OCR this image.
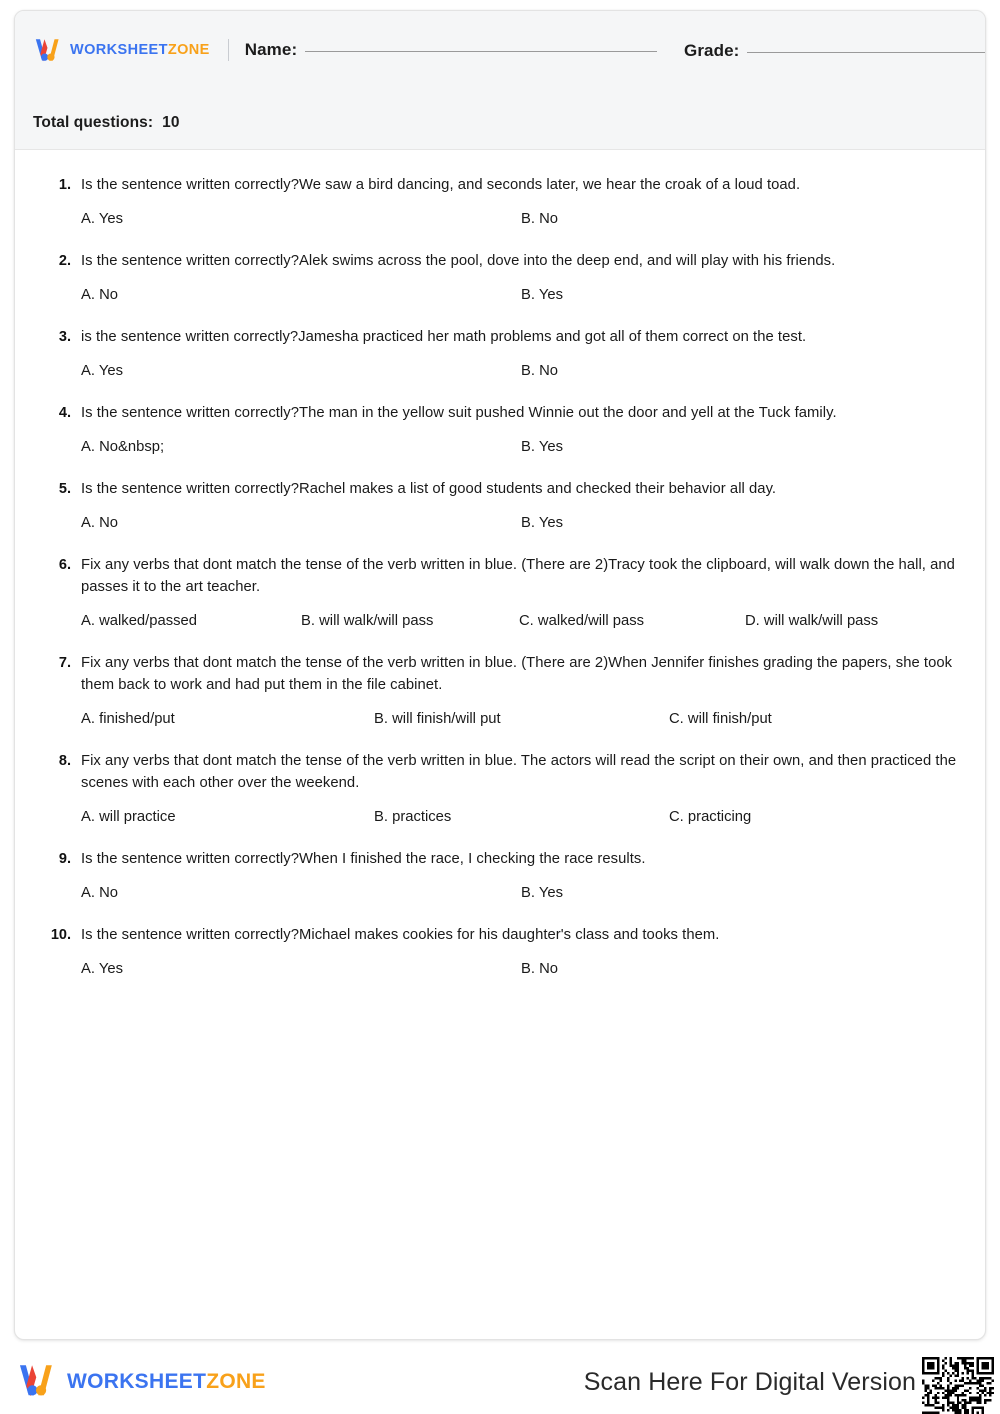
WORKSHEETZONE Name:	Grade:
Total questions: 10
1. Is the sentence written correctly?We saw a bird dancing, and seconds later, we hear the croak of a loud toad.
A. Yes	B. No
2. Is the sentence written correctly?Alek swims across the pool, dove into the deep end, and will play with his friends.
A. No	B. Yes
3. is the sentence written correctly?Jamesha practiced her math problems and got all of them correct on the test.
A. Yes	B. No
4. Is the sentence written correctly?The man in the yellow suit pushed Winnie out the door and yell at the Tuck family.
A. No&nbsp;	B. Yes
5. Is the sentence written correctly?Rachel makes a list of good students and checked their behavior all day.
A. No	B. Yes
6. Fix any verbs that dont match the tense of the verb written in blue. (There are 2)Tracy took the clipboard, will walk down the hall, and passes it to the art teacher.
A. walked/passed	B. will walk/will pass	C. walked/will pass	D. will walk/will pass
7. Fix any verbs that dont match the tense of the verb written in blue. (There are 2)When Jennifer finishes grading the papers, she took them back to work and had put them in the file cabinet.
A. finished/put	B. will finish/will put	C. will finish/put
8. Fix any verbs that dont match the tense of the verb written in blue. The actors will read the script on their own, and then practiced the scenes with each other over the weekend.
A. will practice	B. practices	C. practicing
9. Is the sentence written correctly?When I finished the race, I checking the race results.
A. No	B. Yes
10. Is the sentence written correctly?Michael makes cookies for his daughter's class and tooks them.
A. Yes	B. No
WORKSHEETZONE	Scan Here For Digital Version
